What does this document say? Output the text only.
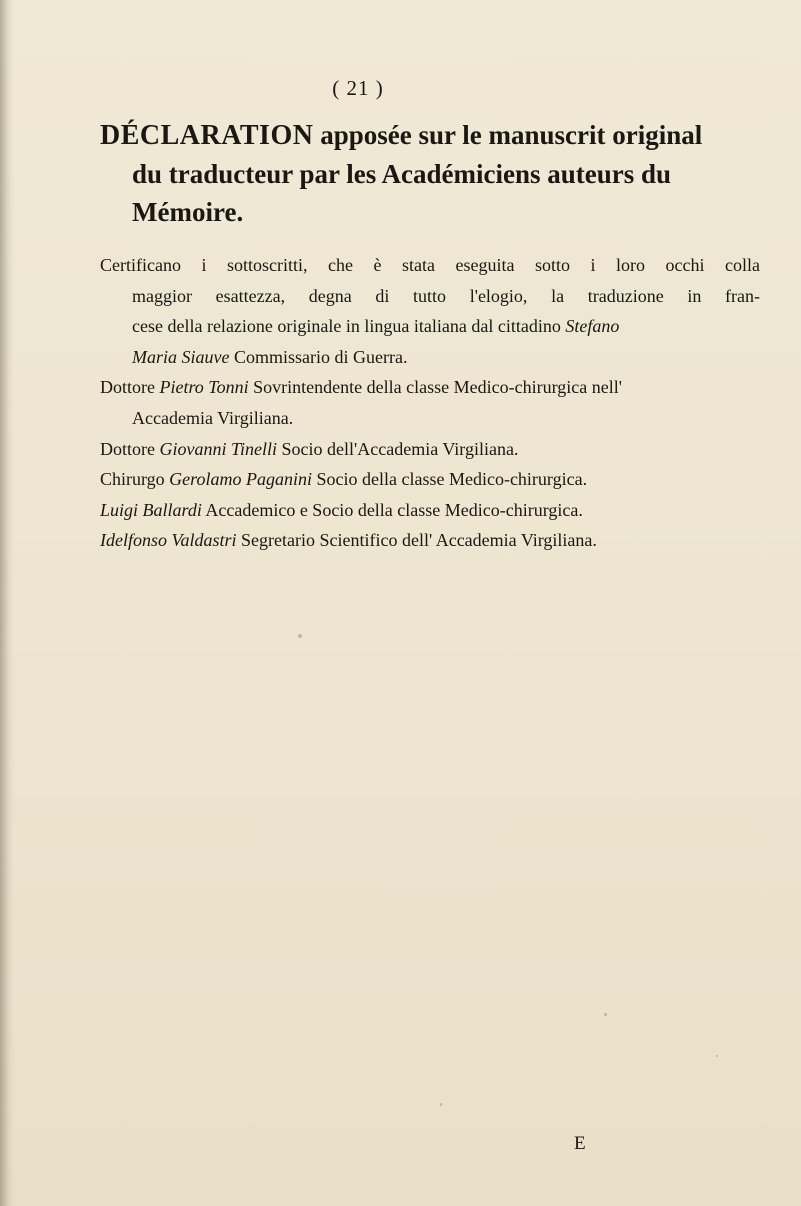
( 21 )
DÉCLARATION apposée sur le manuscrit original
du traducteur par les Académiciens auteurs du
Mémoire.
Certificano i sottoscritti, che è stata eseguita sotto i loro occhi colla
maggior esattezza, degna di tutto l'elogio, la traduzione in fran-
cese della relazione originale in lingua italiana dal cittadino Stefano
Maria Siauve Commissario di Guerra.
Dottore Pietro Tonni Sovrintendente della classe Medico-chirurgica nell'
Accademia Virgiliana.
Dottore Giovanni Tinelli Socio dell'Accademia Virgiliana.
Chirurgo Gerolamo Paganini Socio della classe Medico-chirurgica.
Luigi Ballardi Accademico e Socio della classe Medico-chirurgica.
Idelfonso Valdastri Segretario Scientifico dell' Accademia Virgiliana.
E
